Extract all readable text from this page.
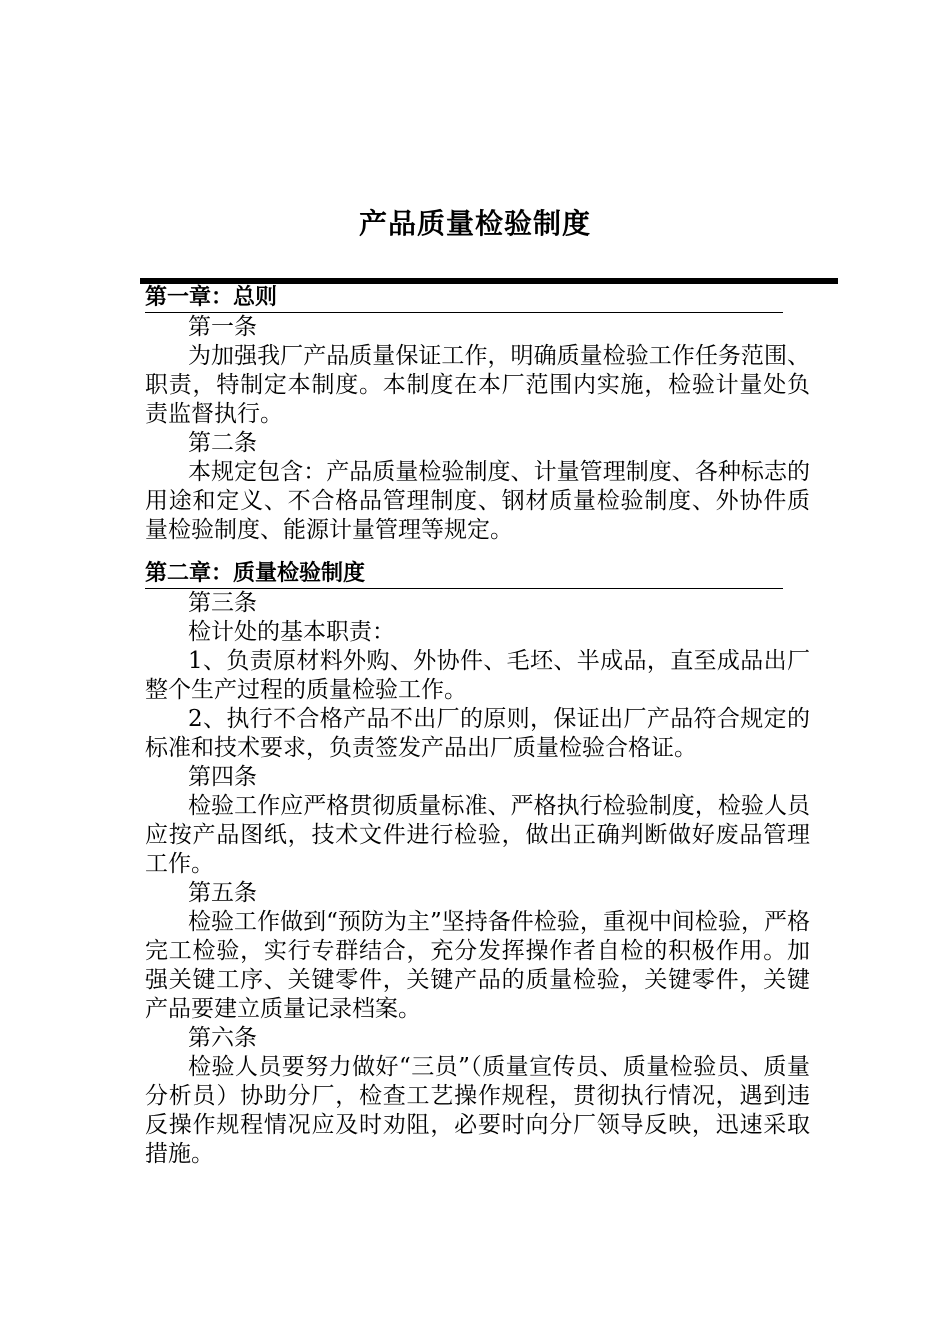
产品质量检验制度
第一章：总则
第一条

为加强我厂产品质量保证工作，明确质量检验工作任务范围、职责，特制定本制度。本制度在本厂范围内实施，检验计量处负责监督执行。

第二条

本规定包含：产品质量检验制度、计量管理制度、各种标志的用途和定义、不合格品管理制度、钢材质量检验制度、外协件质量检验制度、能源计量管理等规定。

第二章：质量检验制度
第三条

检计处的基本职责：

1、负责原材料外购、外协件、毛坯、半成品，直至成品出厂整个生产过程的质量检验工作。

2、执行不合格产品不出厂的原则，保证出厂产品符合规定的标准和技术要求，负责签发产品出厂质量检验合格证。

第四条

检验工作应严格贯彻质量标准、严格执行检验制度，检验人员应按产品图纸，技术文件进行检验，做出正确判断做好废品管理工作。

第五条

检验工作做到“预防为主”坚持备件检验，重视中间检验，严格完工检验，实行专群结合，充分发挥操作者自检的积极作用。加强关键工序、关键零件，关键产品的质量检验，关键零件，关键产品要建立质量记录档案。

第六条

检验人员要努力做好“三员”（质量宣传员、质量检验员、质量分析员）协助分厂，检查工艺操作规程，贯彻执行情况，遇到违反操作规程情况应及时劝阻，必要时向分厂领导反映，迅速采取措施。
